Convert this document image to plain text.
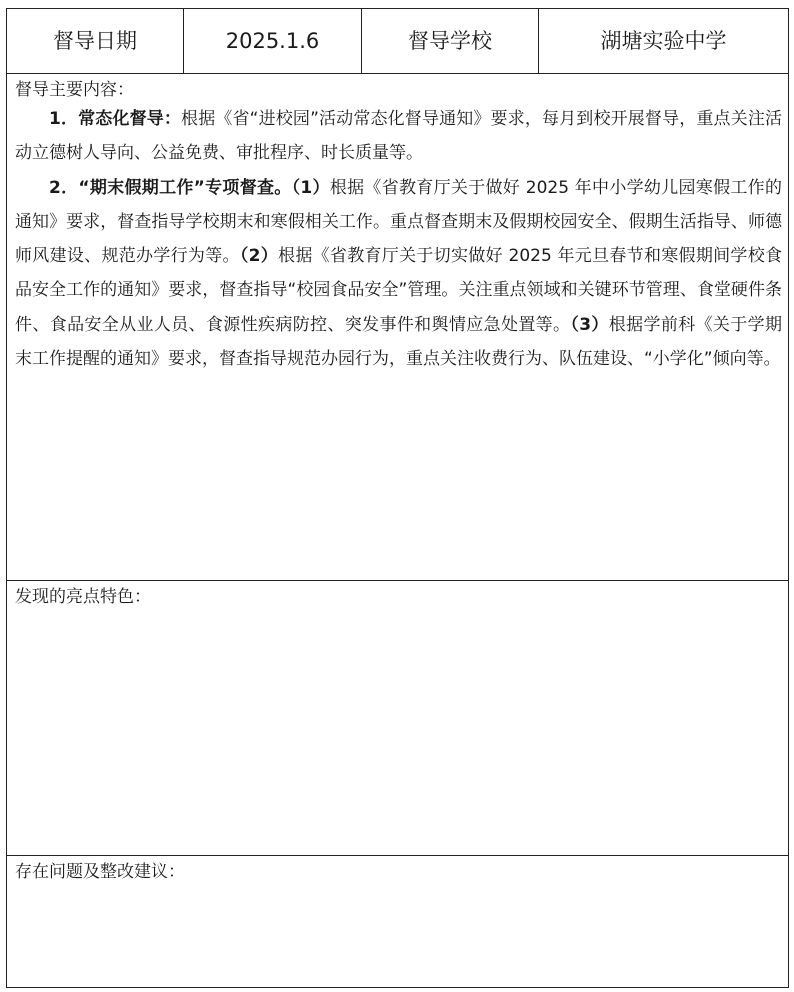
督导日期	2025.1.6	督导学校	湖塘实验中学
督导主要内容：

1．常态化督导：根据《省“进校园”活动常态化督导通知》要求，每月到校开展督导，重点关注活动立德树人导向、公益免费、审批程序、时长质量等。

2．“期末假期工作”专项督查。（1）根据《省教育厅关于做好 2025 年中小学幼儿园寒假工作的通知》要求，督查指导学校期末和寒假相关工作。重点督查期末及假期校园安全、假期生活指导、师德师风建设、规范办学行为等。（2）根据《省教育厅关于切实做好 2025 年元旦春节和寒假期间学校食品安全工作的通知》要求，督查指导“校园食品安全”管理。关注重点领域和关键环节管理、食堂硬件条件、食品安全从业人员、食源性疾病防控、突发事件和舆情应急处置等。（3）根据学前科《关于学期末工作提醒的通知》要求，督查指导规范办园行为，重点关注收费行为、队伍建设、“小学化”倾向等。

发现的亮点特色：
存在问题及整改建议：
